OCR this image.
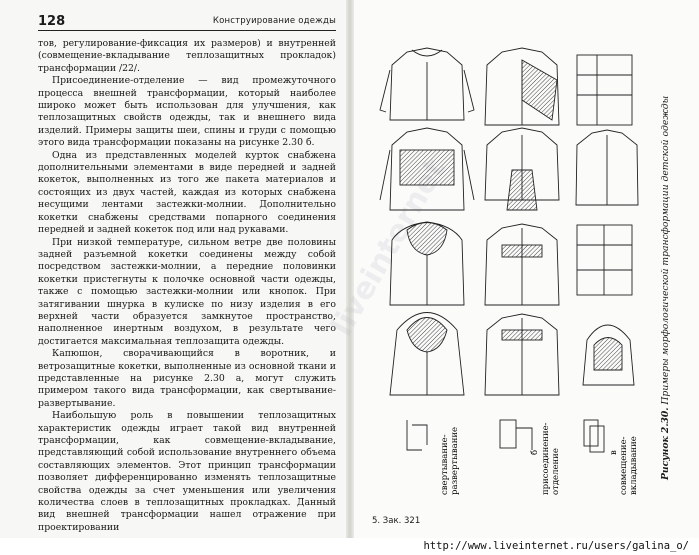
128	Конструирование одежды

тов, регулирование-фиксация их размеров) и внутренней (совмещение-вкладывание теплозащитных прокладок) трансформации /22/.

Присоединение-отделение — вид промежуточного процесса внешней трансформации, который наиболее широко может быть использован для улучшения, как теплозащитных свойств одежды, так и внешнего вида изделий. Примеры защиты шеи, спины и груди с помощью этого вида трансформации показаны на рисунке 2.30 б.

Одна из представленных моделей курток снабжена дополнительными элементами в виде передней и задней кокеток, выполненных из того же пакета материалов и состоящих из двух частей, каждая из которых снабжена несущими лентами застежки-молнии. Дополнительно кокетки снабжены средствами попарного соединения передней и задней кокеток под или над рукавами.

При низкой температуре, сильном ветре две половины задней разъемной кокетки соединены между собой посредством застежки-молнии, а передние половинки кокетки пристегнуты к полочке основной части одежды, также с помощью застежки-молнии или кнопок. При затягивании шнурка в кулиске по низу изделия в его верхней части образуется замкнутое пространство, наполненное инертным воздухом, в результате чего достигается максимальная теплозащита одежды.

Капюшон, сворачивающийся в воротник, и ветрозащитные кокетки, выполненные из основной ткани и представленные на рисунке 2.30 а, могут служить примером такого вида трансформации, как свертывание-развертывание.

Наибольшую роль в повышении теплозащитных характеристик одежды играет такой вид внутренней трансформации, как совмещение-вкладывание, представляющий собой использование внутреннего объема составляющих элементов. Этот принцип трансформации позволяет дифференцированно изменять теплозащитные свойства одежды за счет уменьшения или увеличения количества слоев в теплозащитных прокладках. Данный вид внешней трансформации нашел отражение при проектировании

свертывание- развертывание	б присоединение- отделение	в совмещение- вкладывание Рисунок 2.30. Примеры морфологической трансформации детской одежды
5. Зак. 321
http://www.liveinternet.ru/users/galina_o/
